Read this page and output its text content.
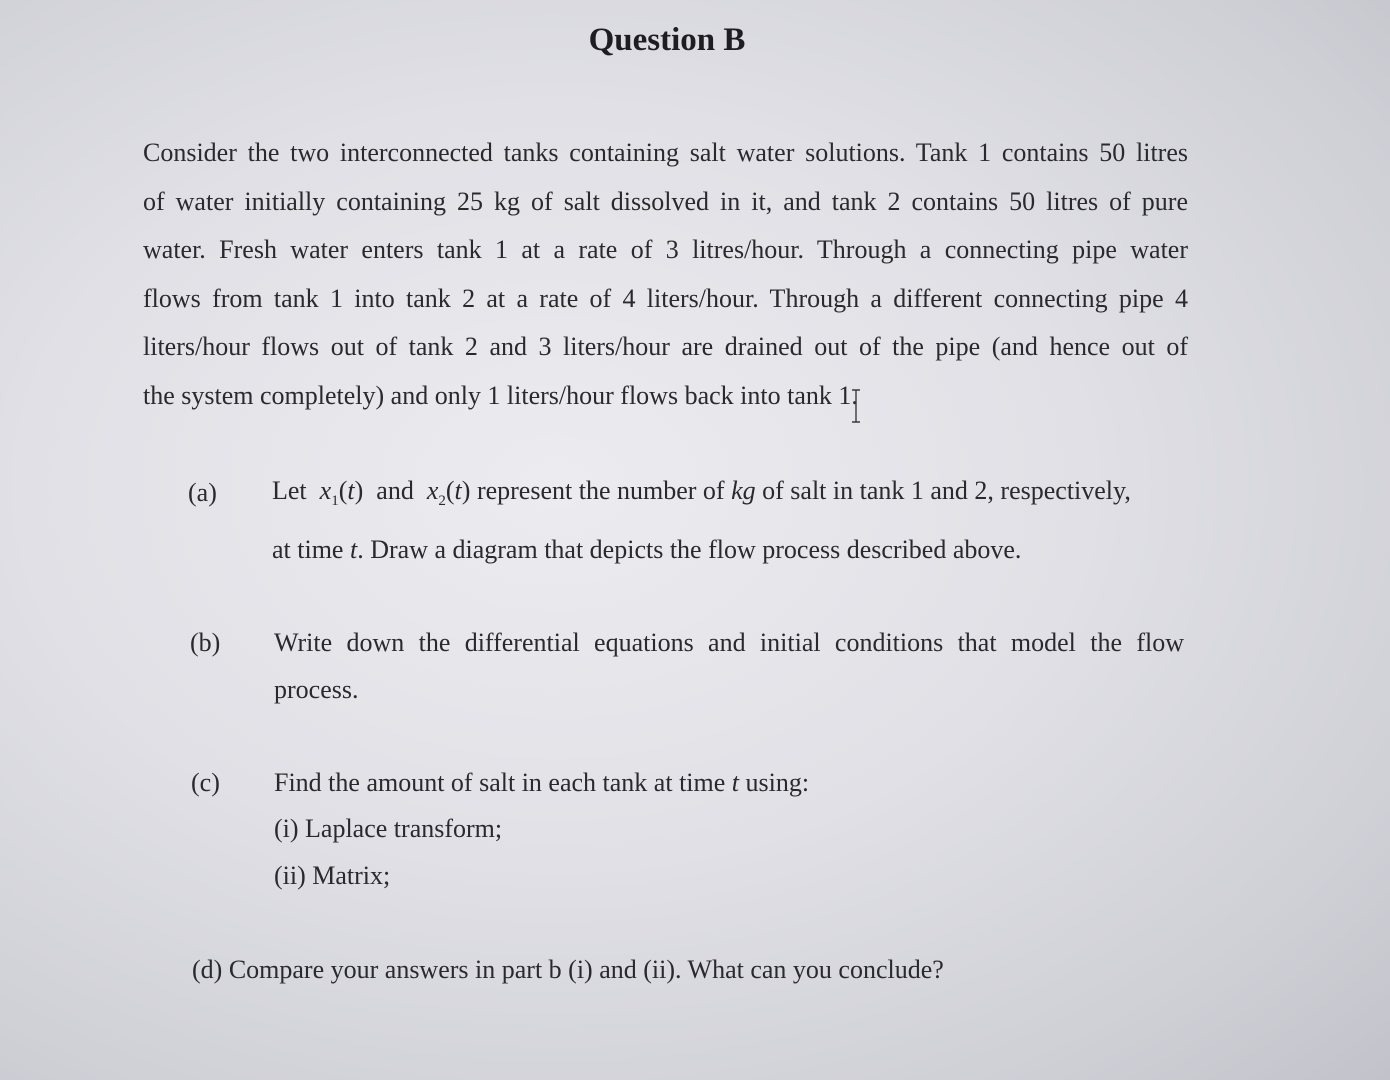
Question B
Consider the two interconnected tanks containing salt water solutions. Tank 1 contains 50 litres
of water initially containing 25 kg of salt dissolved in it, and tank 2 contains 50 litres of pure
water. Fresh water enters tank 1 at a rate of 3 litres/hour. Through a connecting pipe water
flows from tank 1 into tank 2 at a rate of 4 liters/hour. Through a different connecting pipe 4
liters/hour flows out of tank 2 and 3 liters/hour are drained out of the pipe (and hence out of
the system completely) and only 1 liters/hour flows back into tank 1.
(a) Let $x_1(t)$ and $x_2(t)$ represent the number of kg of salt in tank 1 and 2, respectively,
at time t. Draw a diagram that depicts the flow process described above.
(b) Write down the differential equations and initial conditions that model the flow
process.
(c) Find the amount of salt in each tank at time t using:
(i) Laplace transform;
(ii) Matrix;
(d) Compare your answers in part b (i) and (ii). What can you conclude?
